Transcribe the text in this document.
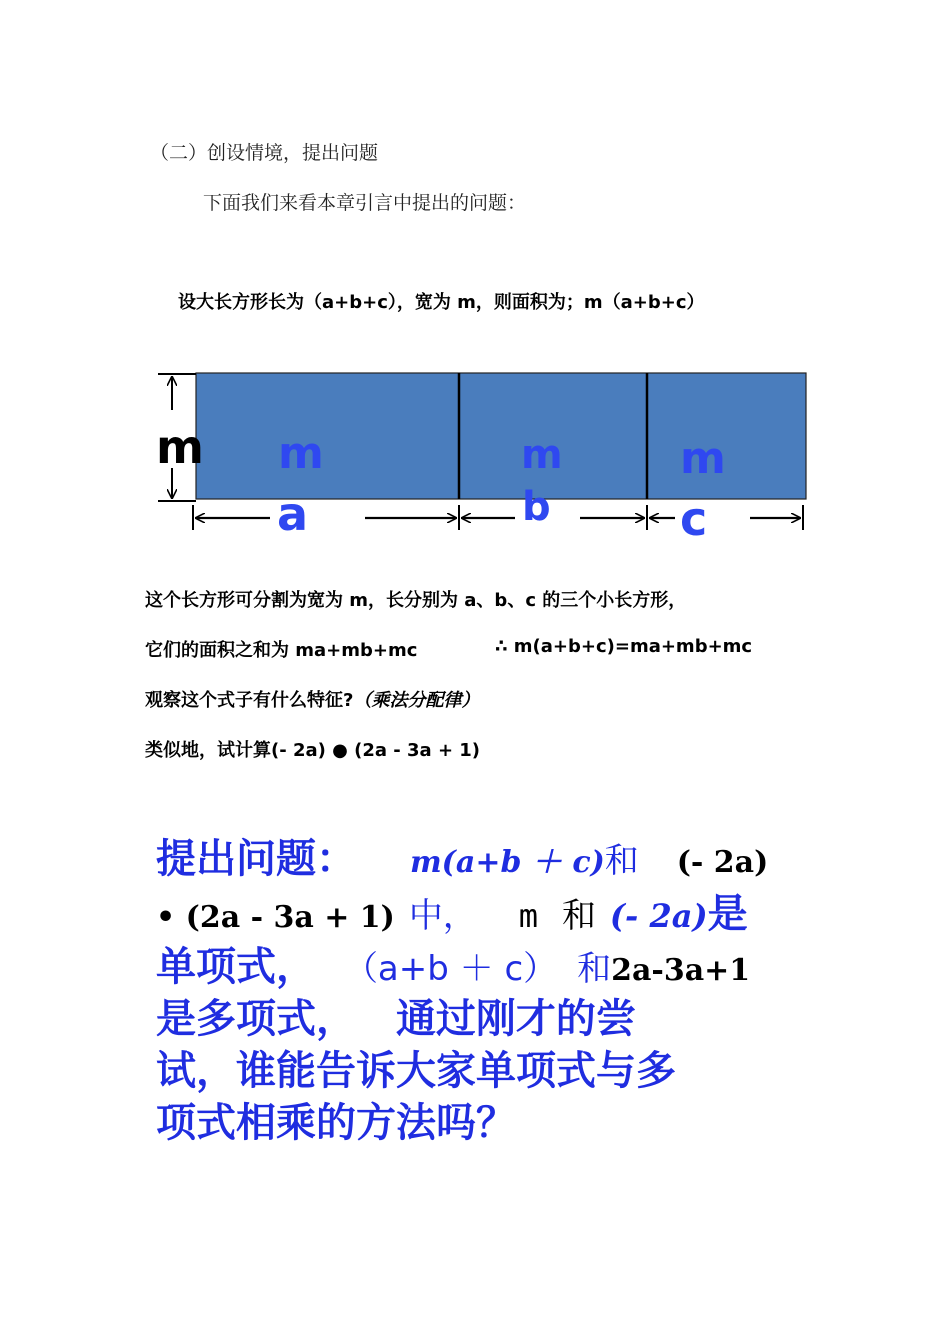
（二）创设情境，提出问题
下面我们来看本章引言中提出的问题：
设大长方形长为（a+b+c），宽为 m，则面积为；m（a+b+c）
m m
a
m
b
m
c
这个长方形可分割为宽为 m，长分别为 a、b、c 的三个小长方形，
它们的面积之和为 ma+mb+mc	∴ m(a+b+c)=ma+mb+mc
观察这个式子有什么特征?（乘法分配律）
类似地，试计算(- 2a) ● (2a - 3a + 1)
提出问题： m(a+b ＋ c)和 (- 2a)
• (2a - 3a + 1) 中， m 和 (- 2a)是
单项式， （a+b ＋ c） 和2a-3a+1
是多项式， 通过刚才的尝
试，谁能告诉大家单项式与多
项式相乘的方法吗？
